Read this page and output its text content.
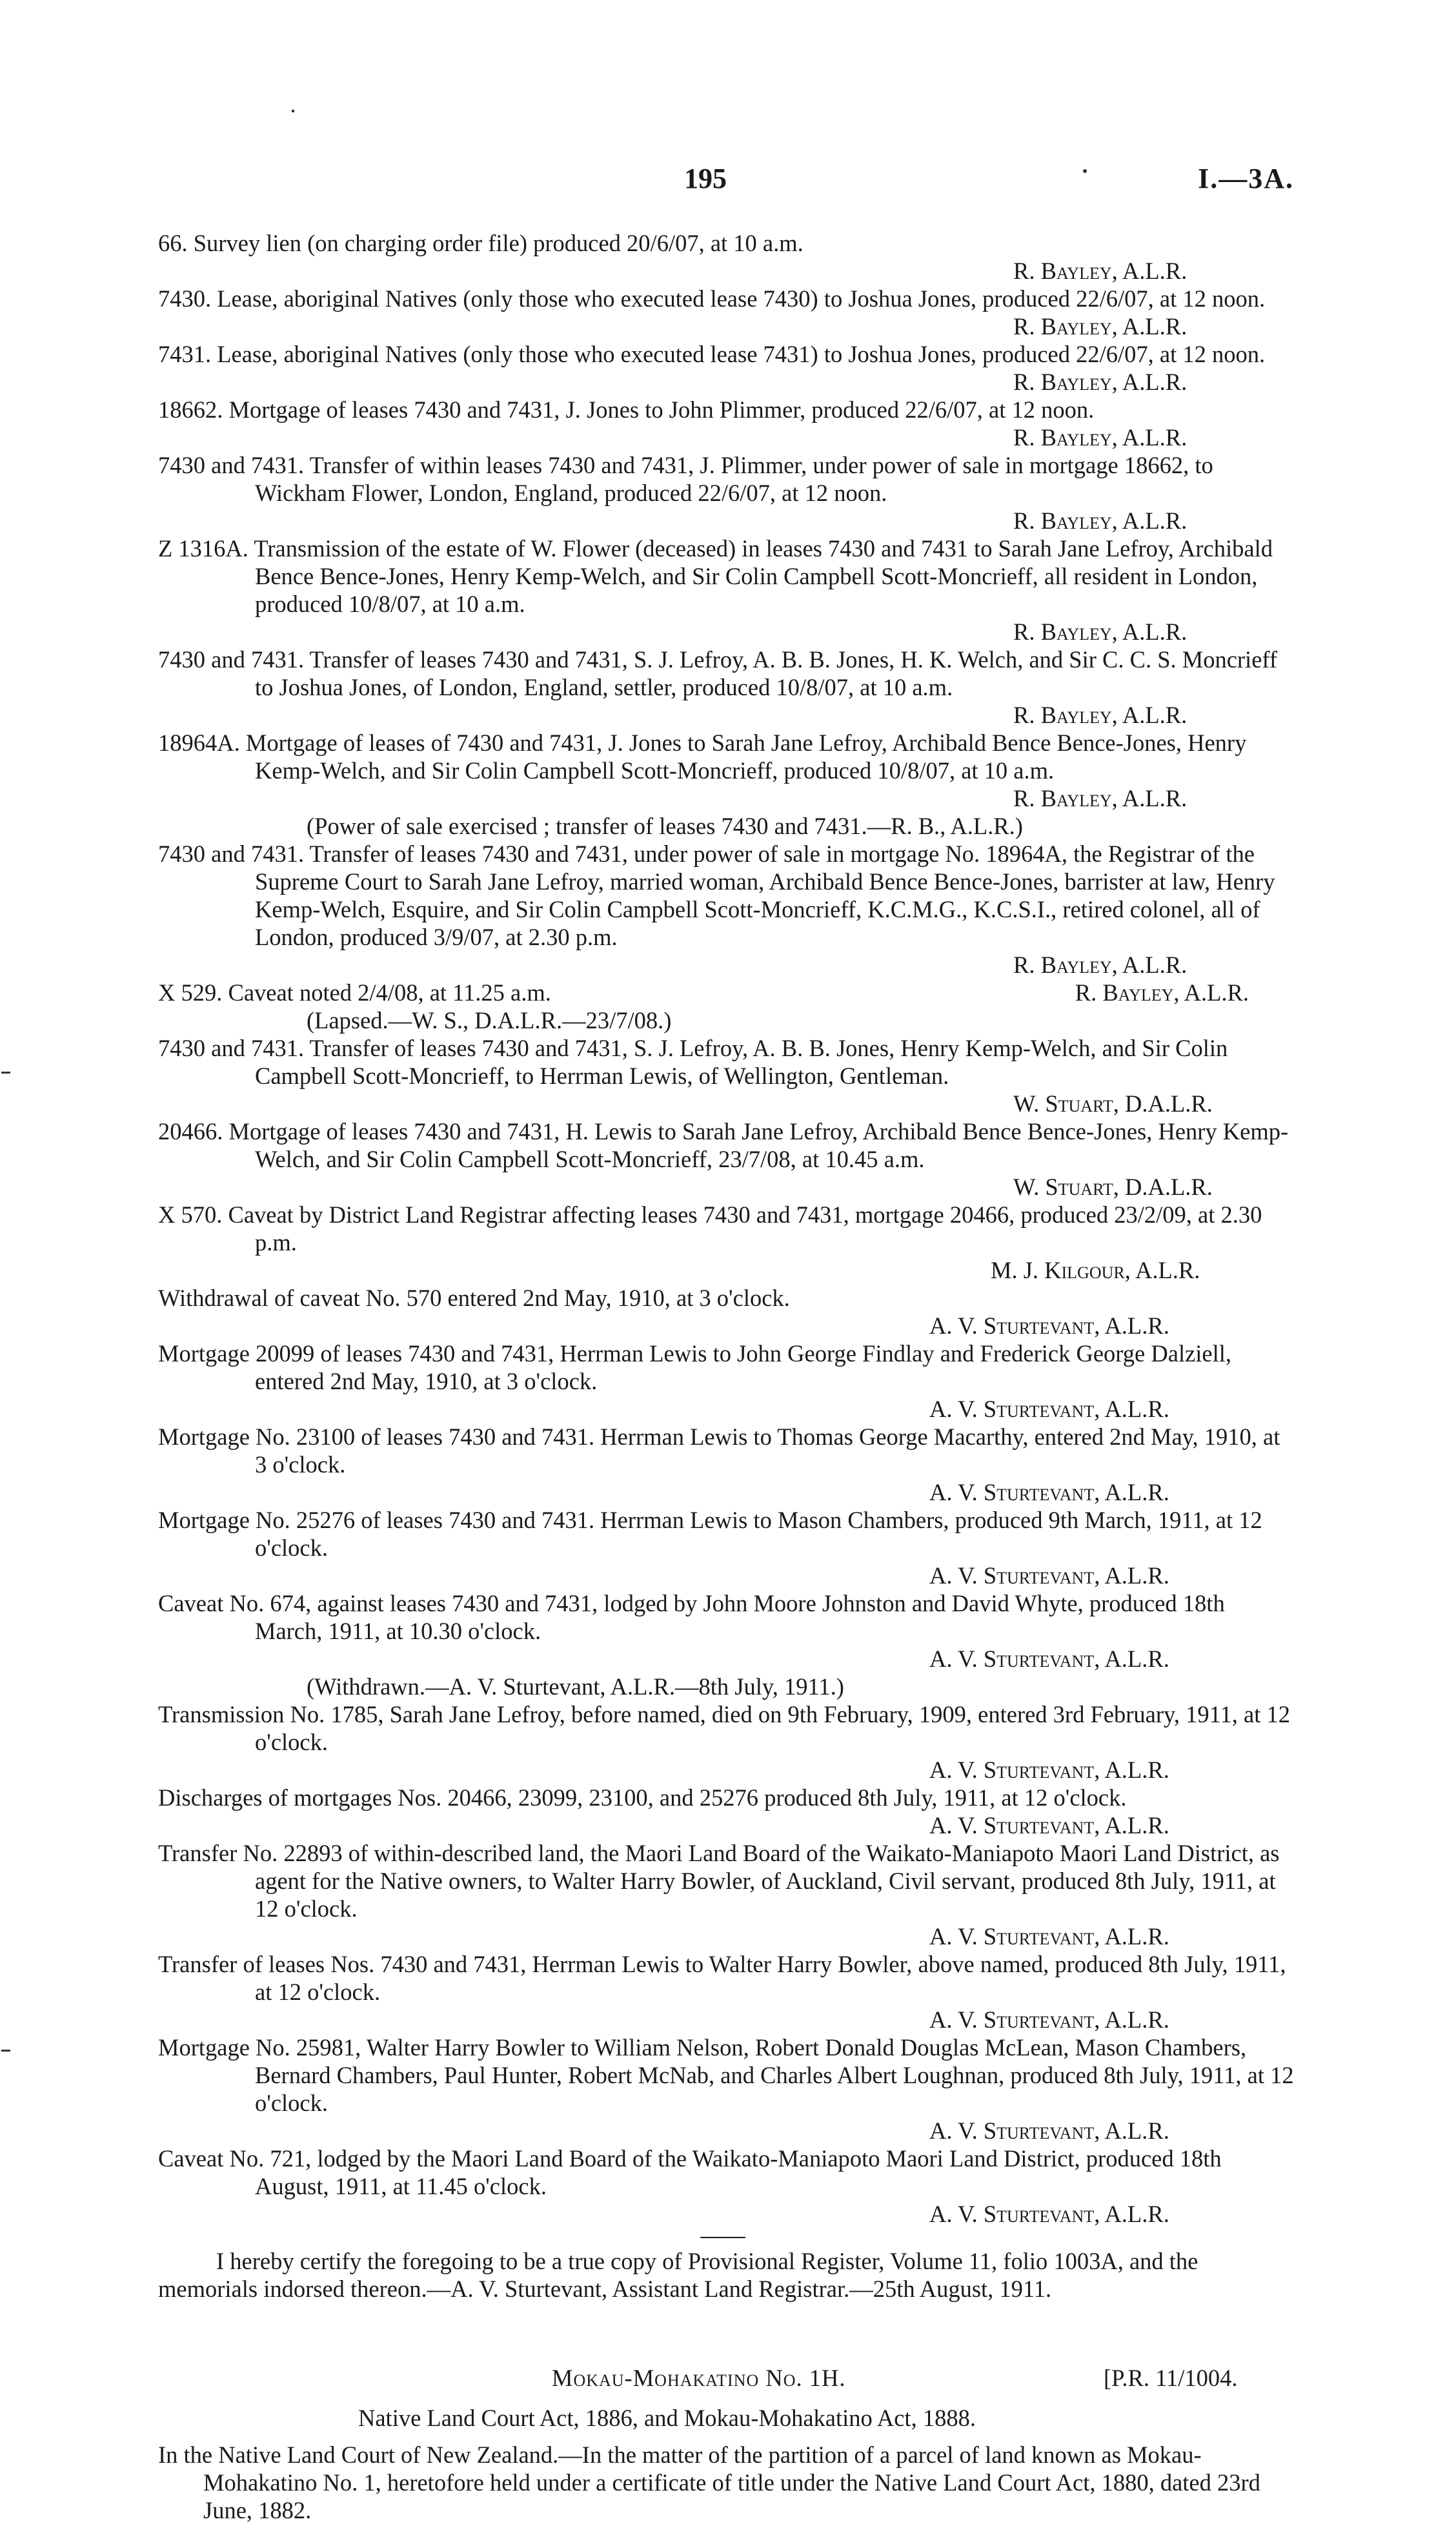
195	I.—3A.
66. Survey lien (on charging order file) produced 20/6/07, at 10 a.m.
R. Bayley, A.L.R.
7430. Lease, aboriginal Natives (only those who executed lease 7430) to Joshua Jones, produced 22/6/07, at 12 noon.
R. Bayley, A.L.R.
7431. Lease, aboriginal Natives (only those who executed lease 7431) to Joshua Jones, produced 22/6/07, at 12 noon.
R. Bayley, A.L.R.
18662. Mortgage of leases 7430 and 7431, J. Jones to John Plimmer, produced 22/6/07, at 12 noon.
R. Bayley, A.L.R.
7430 and 7431. Transfer of within leases 7430 and 7431, J. Plimmer, under power of sale in mortgage 18662, to Wickham Flower, London, England, produced 22/6/07, at 12 noon.
R. Bayley, A.L.R.
Z 1316A. Transmission of the estate of W. Flower (deceased) in leases 7430 and 7431 to Sarah Jane Lefroy, Archibald Bence Bence-Jones, Henry Kemp-Welch, and Sir Colin Campbell Scott-Moncrieff, all resident in London, produced 10/8/07, at 10 a.m.
R. Bayley, A.L.R.
7430 and 7431. Transfer of leases 7430 and 7431, S. J. Lefroy, A. B. B. Jones, H. K. Welch, and Sir C. C. S. Moncrieff to Joshua Jones, of London, England, settler, produced 10/8/07, at 10 a.m.
R. Bayley, A.L.R.
18964A. Mortgage of leases of 7430 and 7431, J. Jones to Sarah Jane Lefroy, Archibald Bence Bence-Jones, Henry Kemp-Welch, and Sir Colin Campbell Scott-Moncrieff, produced 10/8/07, at 10 a.m.
R. Bayley, A.L.R.
(Power of sale exercised ; transfer of leases 7430 and 7431.—R. B., A.L.R.)
7430 and 7431. Transfer of leases 7430 and 7431, under power of sale in mortgage No. 18964A, the Registrar of the Supreme Court to Sarah Jane Lefroy, married woman, Archibald Bence Bence-Jones, barrister at law, Henry Kemp-Welch, Esquire, and Sir Colin Campbell Scott-Moncrieff, K.C.M.G., K.C.S.I., retired colonel, all of London, produced 3/9/07, at 2.30 p.m.
R. Bayley, A.L.R.
R. Bayley, A.L.R.
X 529. Caveat noted 2/4/08, at 11.25 a.m.
(Lapsed.—W. S., D.A.L.R.—23/7/08.)
7430 and 7431. Transfer of leases 7430 and 7431, S. J. Lefroy, A. B. B. Jones, Henry Kemp-Welch, and Sir Colin Campbell Scott-Moncrieff, to Herrman Lewis, of Wellington, Gentleman.
W. Stuart, D.A.L.R.
20466. Mortgage of leases 7430 and 7431, H. Lewis to Sarah Jane Lefroy, Archibald Bence Bence-Jones, Henry Kemp-Welch, and Sir Colin Campbell Scott-Moncrieff, 23/7/08, at 10.45 a.m.
W. Stuart, D.A.L.R.
X 570. Caveat by District Land Registrar affecting leases 7430 and 7431, mortgage 20466, produced 23/2/09, at 2.30 p.m.
M. J. Kilgour, A.L.R.
Withdrawal of caveat No. 570 entered 2nd May, 1910, at 3 o'clock.
A. V. Sturtevant, A.L.R.
Mortgage 20099 of leases 7430 and 7431, Herrman Lewis to John George Findlay and Frederick George Dalziell, entered 2nd May, 1910, at 3 o'clock.
A. V. Sturtevant, A.L.R.
Mortgage No. 23100 of leases 7430 and 7431. Herrman Lewis to Thomas George Macarthy, entered 2nd May, 1910, at 3 o'clock.
A. V. Sturtevant, A.L.R.
Mortgage No. 25276 of leases 7430 and 7431. Herrman Lewis to Mason Chambers, produced 9th March, 1911, at 12 o'clock.
A. V. Sturtevant, A.L.R.
Caveat No. 674, against leases 7430 and 7431, lodged by John Moore Johnston and David Whyte, produced 18th March, 1911, at 10.30 o'clock.
A. V. Sturtevant, A.L.R.
(Withdrawn.—A. V. Sturtevant, A.L.R.—8th July, 1911.)
Transmission No. 1785, Sarah Jane Lefroy, before named, died on 9th February, 1909, entered 3rd February, 1911, at 12 o'clock.
A. V. Sturtevant, A.L.R.
Discharges of mortgages Nos. 20466, 23099, 23100, and 25276 produced 8th July, 1911, at 12 o'clock.
A. V. Sturtevant, A.L.R.
Transfer No. 22893 of within-described land, the Maori Land Board of the Waikato-Maniapoto Maori Land District, as agent for the Native owners, to Walter Harry Bowler, of Auckland, Civil servant, produced 8th July, 1911, at 12 o'clock.
A. V. Sturtevant, A.L.R.
Transfer of leases Nos. 7430 and 7431, Herrman Lewis to Walter Harry Bowler, above named, produced 8th July, 1911, at 12 o'clock.
A. V. Sturtevant, A.L.R.
Mortgage No. 25981, Walter Harry Bowler to William Nelson, Robert Donald Douglas McLean, Mason Chambers, Bernard Chambers, Paul Hunter, Robert McNab, and Charles Albert Loughnan, produced 8th July, 1911, at 12 o'clock.
A. V. Sturtevant, A.L.R.
Caveat No. 721, lodged by the Maori Land Board of the Waikato-Maniapoto Maori Land District, produced 18th August, 1911, at 11.45 o'clock.
A. V. Sturtevant, A.L.R.

I hereby certify the foregoing to be a true copy of Provisional Register, Volume 11, folio 1003A, and the memorials indorsed thereon.—A. V. Sturtevant, Assistant Land Registrar.—25th August, 1911.

Mokau-Mohakatino No. 1H.	[P.R. 11/1004.
Native Land Court Act, 1886, and Mokau-Mohakatino Act, 1888.

In the Native Land Court of New Zealand.—In the matter of the partition of a parcel of land known as Mokau-Mohakatino No. 1, heretofore held under a certificate of title under the Native Land Court Act, 1880, dated 23rd June, 1882.
